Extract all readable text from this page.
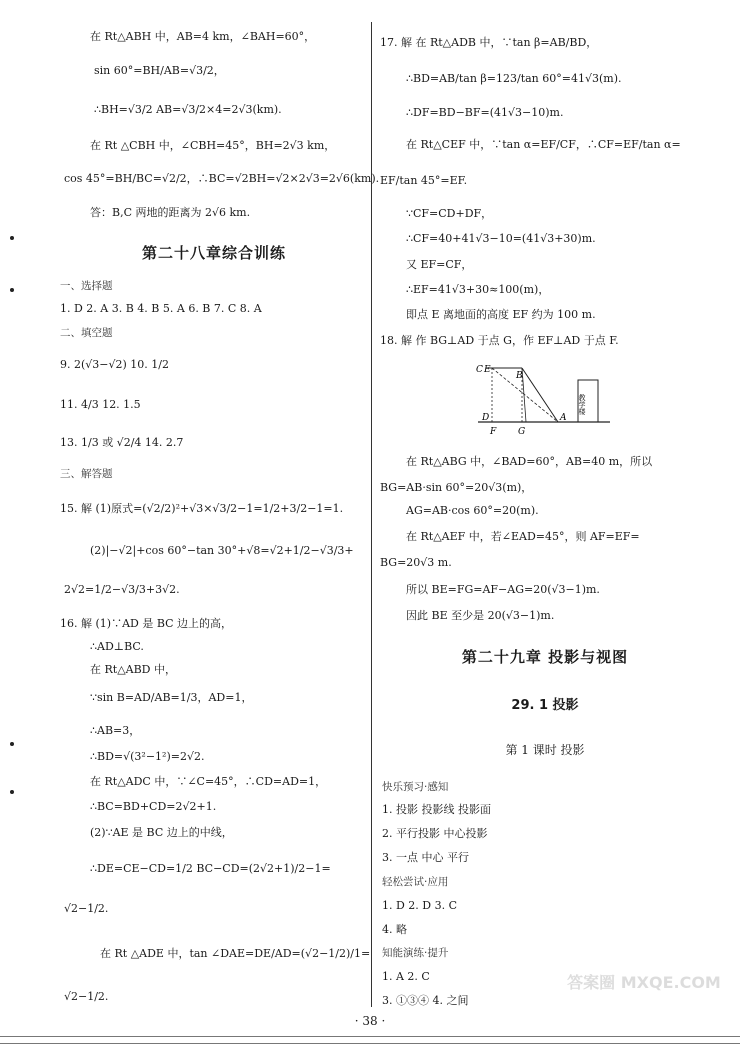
在 Rt△ABH 中，AB=4 km，∠BAH=60°，
sin 60°=BH/AB=√3/2，
∴BH=√3/2 AB=√3/2×4=2√3(km).
在 Rt △CBH 中，∠CBH=45°，BH=2√3 km，
cos 45°=BH/BC=√2/2，∴BC=√2BH=√2×2√3=2√6(km).
答：B,C 两地的距离为 2√6 km.
第二十八章综合训练
一、选择题
1. D 2. A 3. B 4. B 5. A 6. B 7. C 8. A
二、填空题
9. 2(√3−√2) 10. 1/2
11. 4/3 12. 1.5
13. 1/3 或 √2/4 14. 2.7
三、解答题
15. 解 (1)原式=(√2/2)²+√3×√3/2−1=1/2+3/2−1=1.
(2)|−√2|+cos 60°−tan 30°+√8=√2+1/2−√3/3+
2√2=1/2−√3/3+3√2.
16. 解 (1)∵AD 是 BC 边上的高，
∴AD⊥BC.
在 Rt△ABD 中，
∵sin B=AD/AB=1/3，AD=1，
∴AB=3，
∴BD=√(3²−1²)=2√2.
在 Rt△ADC 中，∵∠C=45°，∴CD=AD=1，
∴BC=BD+CD=2√2+1.
(2)∵AE 是 BC 边上的中线，
∴DE=CE−CD=1/2 BC−CD=(2√2+1)/2−1=
√2−1/2.
在 Rt △ADE 中，tan ∠DAE=DE/AD=(√2−1/2)/1=
√2−1/2.
17. 解 在 Rt△ADB 中，∵tan β=AB/BD，
∴BD=AB/tan β=123/tan 60°=41√3(m).
∴DF=BD−BF=(41√3−10)m.
在 Rt△CEF 中，∵tan α=EF/CF，∴CF=EF/tan α=
EF/tan 45°=EF.
∵CF=CD+DF，
∴CF=40+41√3−10=(41√3+30)m.
又 EF=CF，
∴EF=41√3+30≈100(m)，
即点 E 离地面的高度 EF 约为 100 m.
18. 解 作 BG⊥AD 于点 G，作 EF⊥AD 于点 F.
C E
B
D	A
F G
教学楼
在 Rt△ABG 中，∠BAD=60°，AB=40 m，所以
BG=AB·sin 60°=20√3(m)，
AG=AB·cos 60°=20(m).
在 Rt△AEF 中，若∠EAD=45°，则 AF=EF=
BG=20√3 m.
所以 BE=FG=AF−AG=20(√3−1)m.
因此 BE 至少是 20(√3−1)m.
第二十九章 投影与视图
29. 1 投影
第 1 课时 投影
快乐预习·感知
1. 投影 投影线 投影面
2. 平行投影 中心投影
3. 一点 中心 平行
轻松尝试·应用
1. D 2. D 3. C
4. 略
知能演练·提升
1. A 2. C
3. ①③④ 4. 之间
· 38 ·
答案圈 MXQE.COM
